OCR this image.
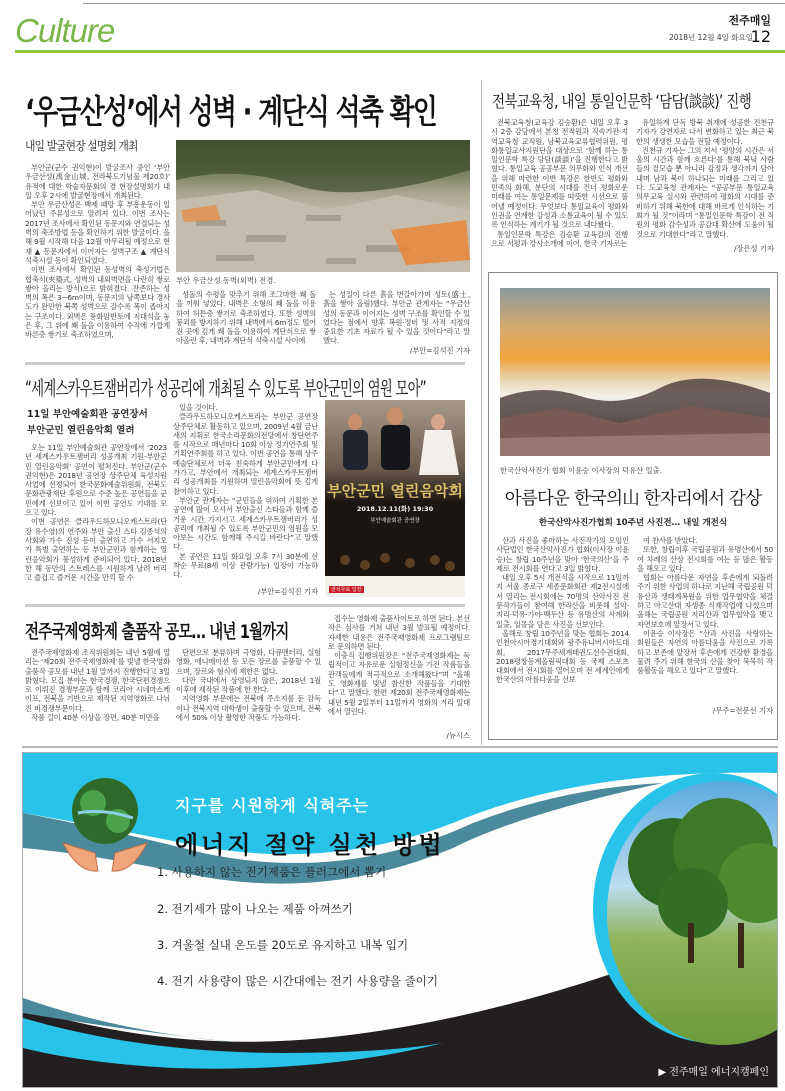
Culture	전주매일
2018년 12월 4일 화요일
12
‘우금산성’에서 성벽 · 계단식 석축 확인
내일 발굴현장 설명회 개최

부안군(군수 권익현)이 발굴조사 중인 ‘부안 우금산성(禹金山城, 전라북도기념물 제20호)’ 유적에 대한 학술자문회의 겸 현장설명회가 내일 오후 2시에 발굴현장에서 개최된다.

부안 우금산성은 백제 패망 후 부흥운동이 일어났던 주류성으로 알려져 있다. 이번 조사는 2017년 조사에서 확인된 동문지와 연결되는 성벽의 축조방법 등을 확인하기 위한 발굴이다. 올해 9월 시작해 다음 12월 마무리될 예정으로 현재 ▲ 동문지에서 이어지는 성벽구조 ▲ 계단식 석축시설 등이 확인되었다.

이번 조사에서 확인된 동성벽의 축성기법은 협축식(夾築式, 성벽의 내외벽면을 나란히 쌓로 쌓아 올리는 방식)으로 밝혀졌다. 잔존하는 성벽의 폭은 3~6m이며, 동문지의 남쪽보다 경사도가 완만한 북쪽 성벽으로 갈수록 폭이 좁아지는 구조이다. 외벽은 풍화암반토에 지대석을 놓은 후, 그 위에 쐐 돌을 이용하여 수직에 가깝게 바른층 쌓기로 축조하였으며,

부안 우금산성 동벽(외벽) 전경.

성돌의 수평을 맞추기 위해 조그마한 쐐 돌을 끼워 넣었다. 내벽은 소형의 쐐 돌을 이용하여 허튼층 쌓기로 축조하였다. 또한 성벽의 붕괴를 방지하기 위해 내벽에서 6m정도 떨어진 곳에 깊게 쐐 돌을 이용하여 계단식으로 쌓아올린 후, 내벽과 계단식 석축시설 사이에

는 성질이 다른 흙을 번갈아가며 성토(盛土, 흙을 쌓아 올림)했다. 부안군 관계자는 “우금산성의 동문과 이어지는 성벽 구조를 확인할 수 있었다는 점에서 향후 복원·정비 및 사적 지정의 중요한 기초 자료가 될 수 있을 것이다”라고 말했다.

/부안=김석진 기자
“세계스카우트잼버리가 성공리에 개최될 수 있도록 부안군민의 염원 모아”
11일 부안예술회관 공연장서
부안군민 열린음악회 열려

오는 11일 부안예술회관 공연장에서 ‘2023년 세계스카우트잼버리 성공개최 기원-부안군민 열린음악회’ 공연이 펼쳐진다. 부안군(군수 권익현)은 2018년 공연장 상주단체 육성지원사업에 선정되어 한국문화예술위원회, 전북도 문화관광재단 후원으로 수준 높은 공연들을 군민에게 선보이고 있어 이번 공연도 기대를 모으고 있다.

이번 공연은 클라우드하모니오케스트라(단장 유수영)의 연주와 부안 출신 스타 김종석의 사회와 가수 진성 등이 출연하고 가수 서지오가 특별 출연하는 등 부안군민과 함께하는 열린음악회가 풍성하게 준비되어 있다. 2018년 한 해 동안의 스트레스를 시원하게 날려 버리고 즐겁고 즐거운 시간을 만끽 할 수

있을 것이다.

클라우드하모니오케스트라는 부안군 공연장 상주단체로 활동하고 있으며, 2009년 4월 금난새의 지휘로 한국소리문화의전당에서 창단연주를 시작으로 매년마다 10회 이상 정기연주회 및 기획연주회를 하고 있다. 이번 공연을 통해 상주 예술단체로서 더욱 친숙하게 부안군민에게 다가가고, 부안에서 개최되는 세계스카우트잼버리 성공개최를 기원하며 열린음악회에 뜻 깊게 참여하고 있다.

부안군 관계자는 “군민들을 위하여 기획한 본 공연에 많이 오셔서 부안출신 스타들과 함께 즐거운 시간 가지시고 세계스카우트잼버리가 성공리에 개최될 수 있도록 부안군민의 염원을 모아보는 시간도 함께해 주시길 바란다”고 말했다.

본 공연은 11일 화요일 오후 7시 30분에 선착순 무료(8세 이상 관람가능) 입장이 가능하다.

/부안=김석진 기자
부안군민 열린음악회
2018.12.11(화) 19:30
부안예술회관 공연장
전석무료 입장
전주국제영화제 출품작 공모… 내년 1월까지

전주국제영화제 조직위원회는 내년 5월에 열리는 ‘제20회 전주국제영화제’를 빛낼 한국영화 출품작 공모를 내년 1월 말까지 진행한다고 3일 밝혔다. 모집 분야는 한국경쟁, 한국단편경쟁으로 이뤄진 경쟁부문과 함께 코리아 시네마스케이프, 전북을 기반으로 제작된 지역영화로 나뉘진 비경쟁부문이다.

작품 길이 40분 이상을 장편, 40분 미만을

단편으로 분류하며 극영화, 다큐멘터리, 실험영화, 애니메이션 등 모든 장르를 출품할 수 있으며, 장르와 형식에 제한은 없다.

다만 국내에서 상영되지 않은, 2018년 1월 이후에 제작된 작품에 한 한다.

지역영화 부문에는 전북에 주소지를 둔 감독이나 전북지역 대학생이 출품할 수 있으며, 전북에서 50% 이상 촬영한 작품도 가능하다.

접수는 영화제 출품사이트로 하면 된다. 본선작은 심사를 거쳐 내년 3월 발표될 예정이다. 자세한 내용은 전주국제영화제 프로그램팀으로 문의하면 된다.

이충직 집행위원장은 “전주국제영화제는 독립적이고 자유로운 실험정신을 가진 작품들을 관객들에게 적극적으로 소개해왔다”며 “올해도 영화제를 빛낼 참신한 작품들을 기대한다”고 말했다. 한편 제20회 전주국제영화제는 내년 5월 2일부터 11일까지 영화의 거리 일대에서 열린다.

/뉴시스
전북교육청, 내일 통일인문학 ‘담담(談談)’ 진행

전북교육청(교육감 김승환)은 내일 오후 3시 2층 강당에서 본청 전직원과 직속기관·지역교육청 교직원, 남북교육교류협력위원, 평화통일교사지원단을 대상으로 ‘함께 하는 통일인문학 특강 담담(談談)’을 진행한다고 밝혔다. 통일교육 공공부문 의무화와 인식 개선을 위해 마련한 이번 특강은 한반도 평화와 민족의 화해, 분단의 시대를 건너 평화로운 미래를 여는 통일문제를 따뜻한 시선으로 풀어낼 예정이다. 무엇보다 통일교육이 평화와 인권을 연계한 감성과 소통교육이 될 수 있도록 인식하는 계기가 될 것으로 내다봤다.

통일인문학 특강은 김승환 교육감의 진행으로 서평과 강사소개에 이어, 한국 기자로는

유일하게 단독 방북 취재에 성공한 진천규 기자가 강연자로 나서 변화하고 있는 최근 북한의 생생한 모습을 전할 예정이다.

진천규 기자는 그의 저서 ‘평양의 시간은 서울의 시간과 함께 흐른다’를 통해 북녘 사람들의 겉모습 뿐 아니라 감정과 생각까지 담아내며 남과 북이 하나되는 미래를 그리고 있다. 도교육청 관계자는 “공공부문 통일교육 의무교육 실시와 관련하여 평화의 시대를 준비하기 위해 북한에 대해 바르게 인식하는 기회가 될 것”이라며 “통일인문학 특강이 전 직원의 평화 감수성과 공감대 확산에 도움이 될 것으로 기대한다”라고 말했다.

/장은성 기자
한국산악사진가 협회 이윤승 이사장의 덕유산 일출.
아름다운 한국의山 한자리에서 감상
한국산악사진가협회 10주년 사진전… 내일 개전식

산과 사진을 좋아하는 사진작가의 모임인 사단법인 한국산악사진가 협회(이사장 이윤승)는 창립 10주년을 맞아 ‘한국의산’을 주제로 전시회를 연다고 3일 밝혔다.

내일 오후 5시 개전식을 시작으로 11일까지 서울 종로구 세종문화회관 제2전시실에서 열리는 전시회에는 70명의 산악사진 전문작가들이 참여해 한라산을 비롯해 설악·지리·덕유·가야·백두산 등 유명산의 사계와 일출, 일몰을 담은 사진을 선보인다.

올해로 창립 10주년을 맞는 협회는 2014인천아시아경기대회와 광주유니버시아드대회, 2017무주세계태권도선수권대회, 2018평창동계올림픽대회 등 국제 스포츠대회에서 전시회를 열어오며 전 세계인에게 한국산의 아름다움을 선보

여 찬사를 받았다.

또한, 창립이후 국립공원과 유명산에서 50여 차례의 산상 전시회를 여는 등 많은 활동을 해오고 있다.

협회는 아름다운 자연을 후손에게 되돌려 주기 위한 사업의 하나로 지난해 국립공원 덕유산과 생태계복원을 위한 업무협약을 체결하고 아고산대 자생종 식재작업에 나섰으며 올해는 국립공원 지리산과 업무협약을 맺고 자연보호에 앞장서고 있다.

이윤승 이사장은 “산과 사진을 사랑하는 회원들은 자연의 아름다움을 사진으로 기록하고 보존에 앞장서 후손에게 건강한 환경을 물려 주기 위해 한국의 산을 찾아 묵묵히 작품활동을 해오고 있다”고 말했다.

/무주=전문선 기자
지구를 시원하게 식혀주는
에너지 절약 실천 방법
1. 사용하지 않는 전기제품은 플러그에서 뽑기
2. 전기세가 많이 나오는 제품 아껴쓰기
3. 겨울철 실내 온도를 20도로 유지하고 내복 입기
4. 전기 사용량이 많은 시간대에는 전기 사용량을 줄이기
▶ 전주매일 에너지캠페인
